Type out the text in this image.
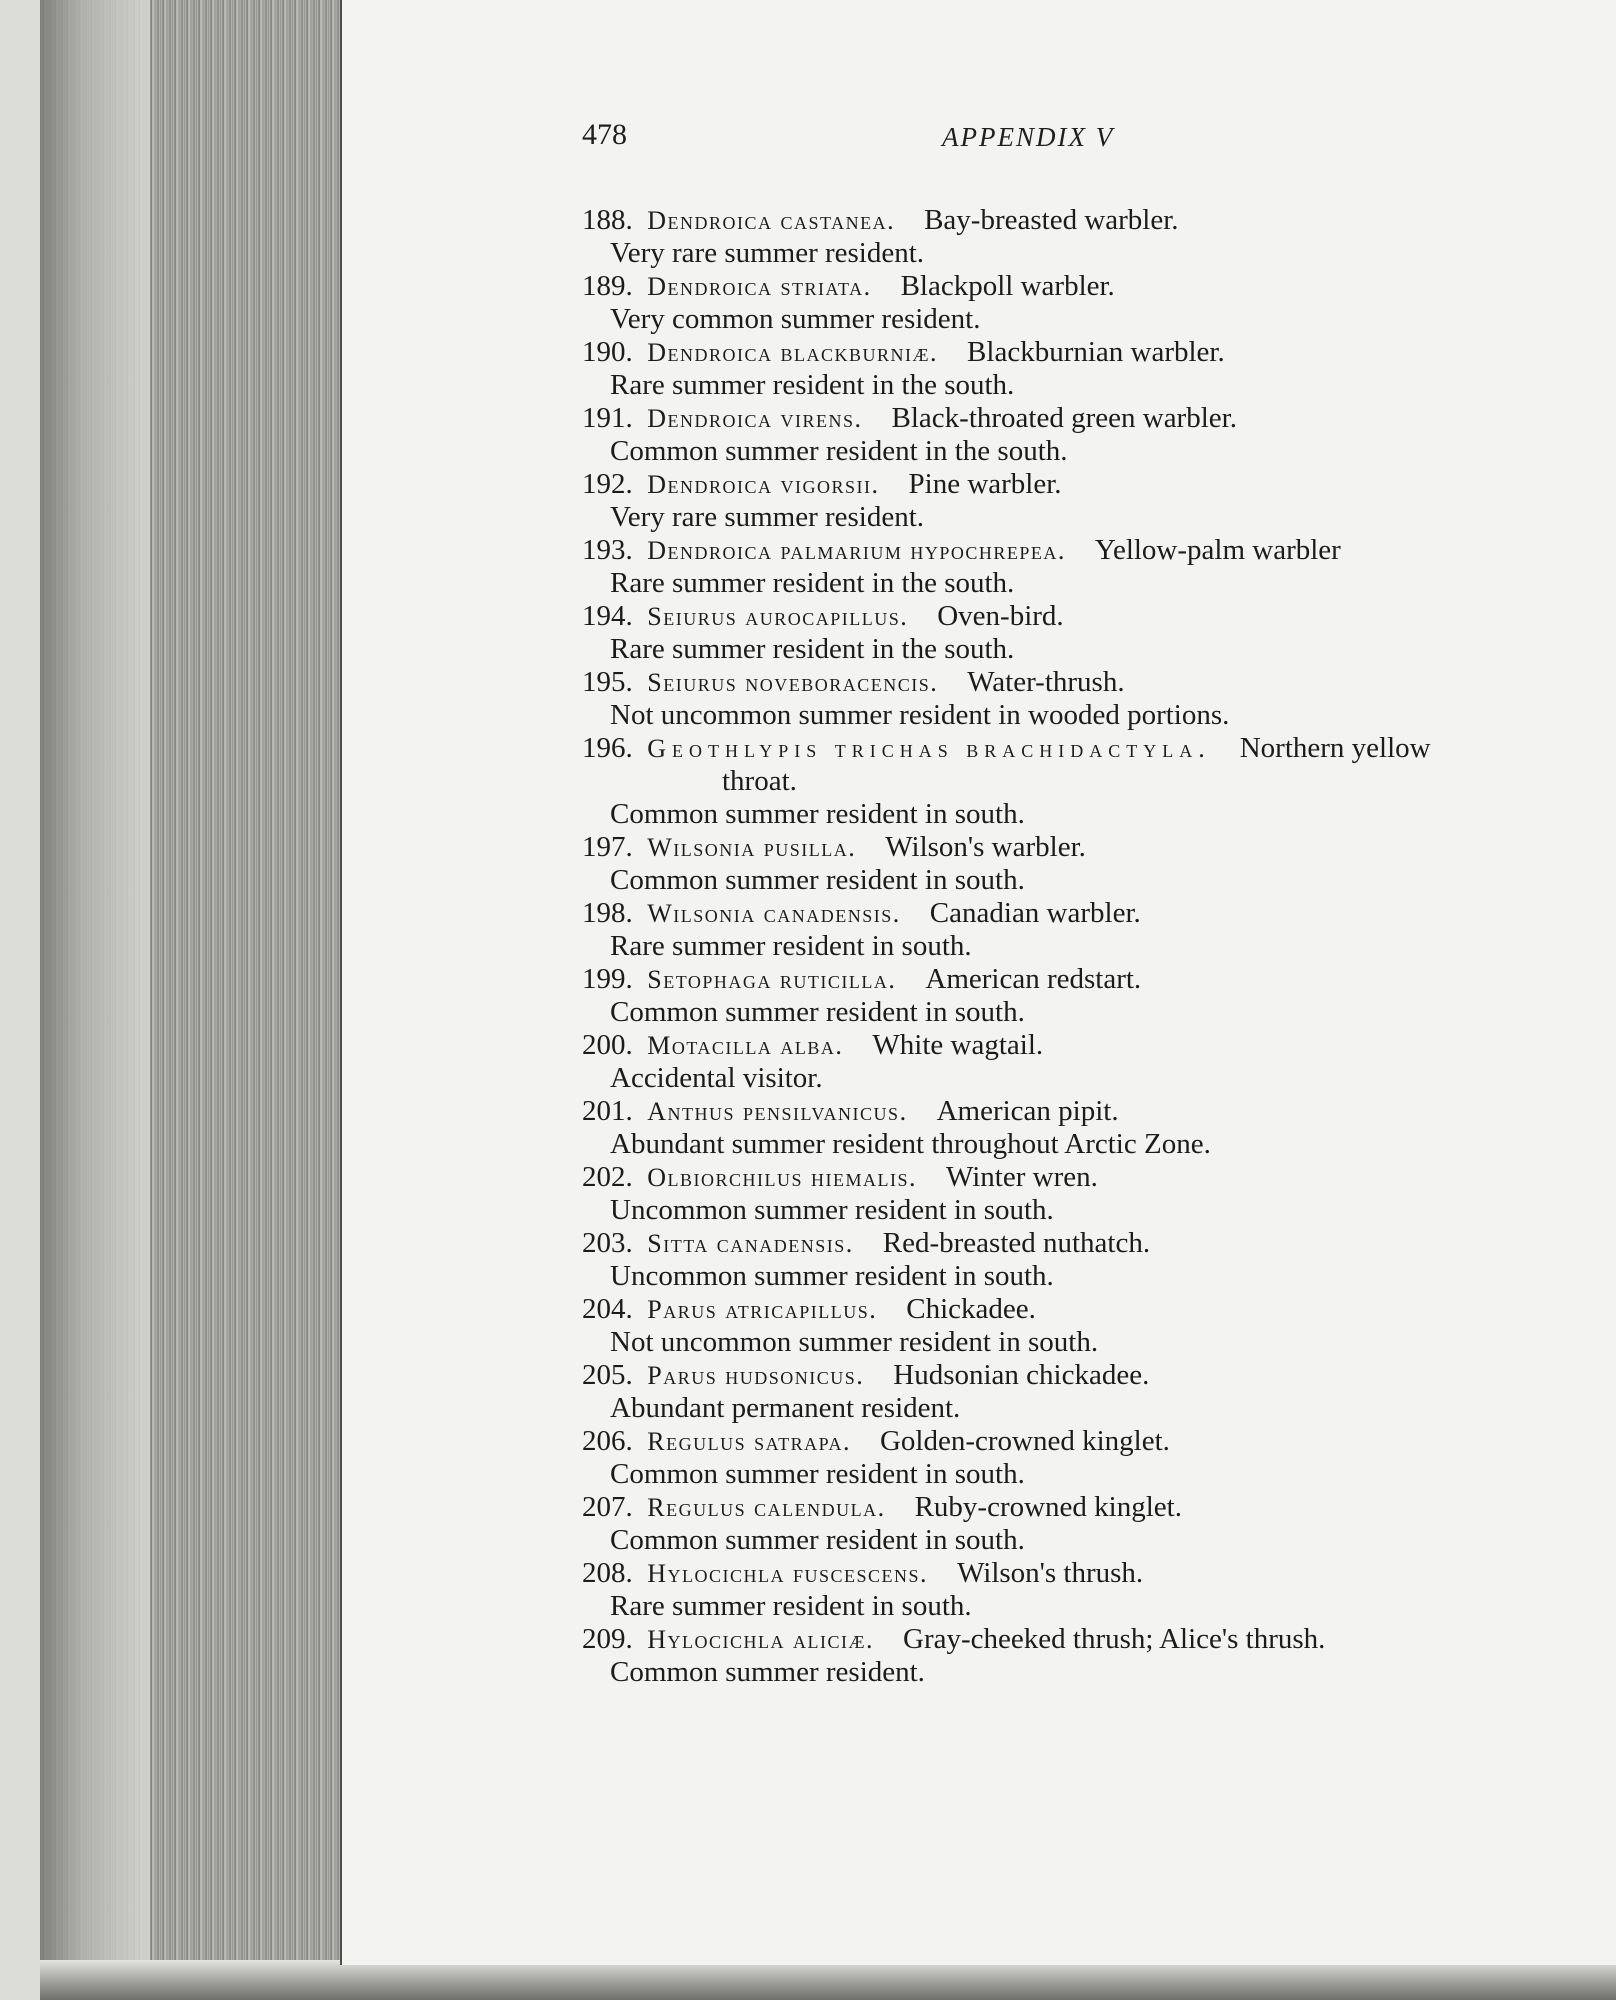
478	APPENDIX V
188.  Dendroica castanea.  Bay-breasted warbler.
Very rare summer resident.
189.  Dendroica striata.  Blackpoll warbler.
Very common summer resident.
190.  Dendroica blackburniæ.  Blackburnian warbler.
Rare summer resident in the south.
191.  Dendroica virens.  Black-throated green warbler.
Common summer resident in the south.
192.  Dendroica vigorsii.  Pine warbler.
Very rare summer resident.
193.  Dendroica palmarium hypochrepea.  Yellow-palm warbler
Rare summer resident in the south.
194.  Seiurus aurocapillus.  Oven-bird.
Rare summer resident in the south.
195.  Seiurus noveboracencis.  Water-thrush.
Not uncommon summer resident in wooded portions.
196.  Geothlypis trichas brachidactyla.  Northern yellow
throat.
Common summer resident in south.
197.  Wilsonia pusilla.  Wilson's warbler.
Common summer resident in south.
198.  Wilsonia canadensis.  Canadian warbler.
Rare summer resident in south.
199.  Setophaga ruticilla.  American redstart.
Common summer resident in south.
200.  Motacilla alba.  White wagtail.
Accidental visitor.
201.  Anthus pensilvanicus.  American pipit.
Abundant summer resident throughout Arctic Zone.
202.  Olbiorchilus hiemalis.  Winter wren.
Uncommon summer resident in south.
203.  Sitta canadensis.  Red-breasted nuthatch.
Uncommon summer resident in south.
204.  Parus atricapillus.  Chickadee.
Not uncommon summer resident in south.
205.  Parus hudsonicus.  Hudsonian chickadee.
Abundant permanent resident.
206.  Regulus satrapa.  Golden-crowned kinglet.
Common summer resident in south.
207.  Regulus calendula.  Ruby-crowned kinglet.
Common summer resident in south.
208.  Hylocichla fuscescens.  Wilson's thrush.
Rare summer resident in south.
209.  Hylocichla aliciæ.  Gray-cheeked thrush; Alice's thrush.
Common summer resident.
